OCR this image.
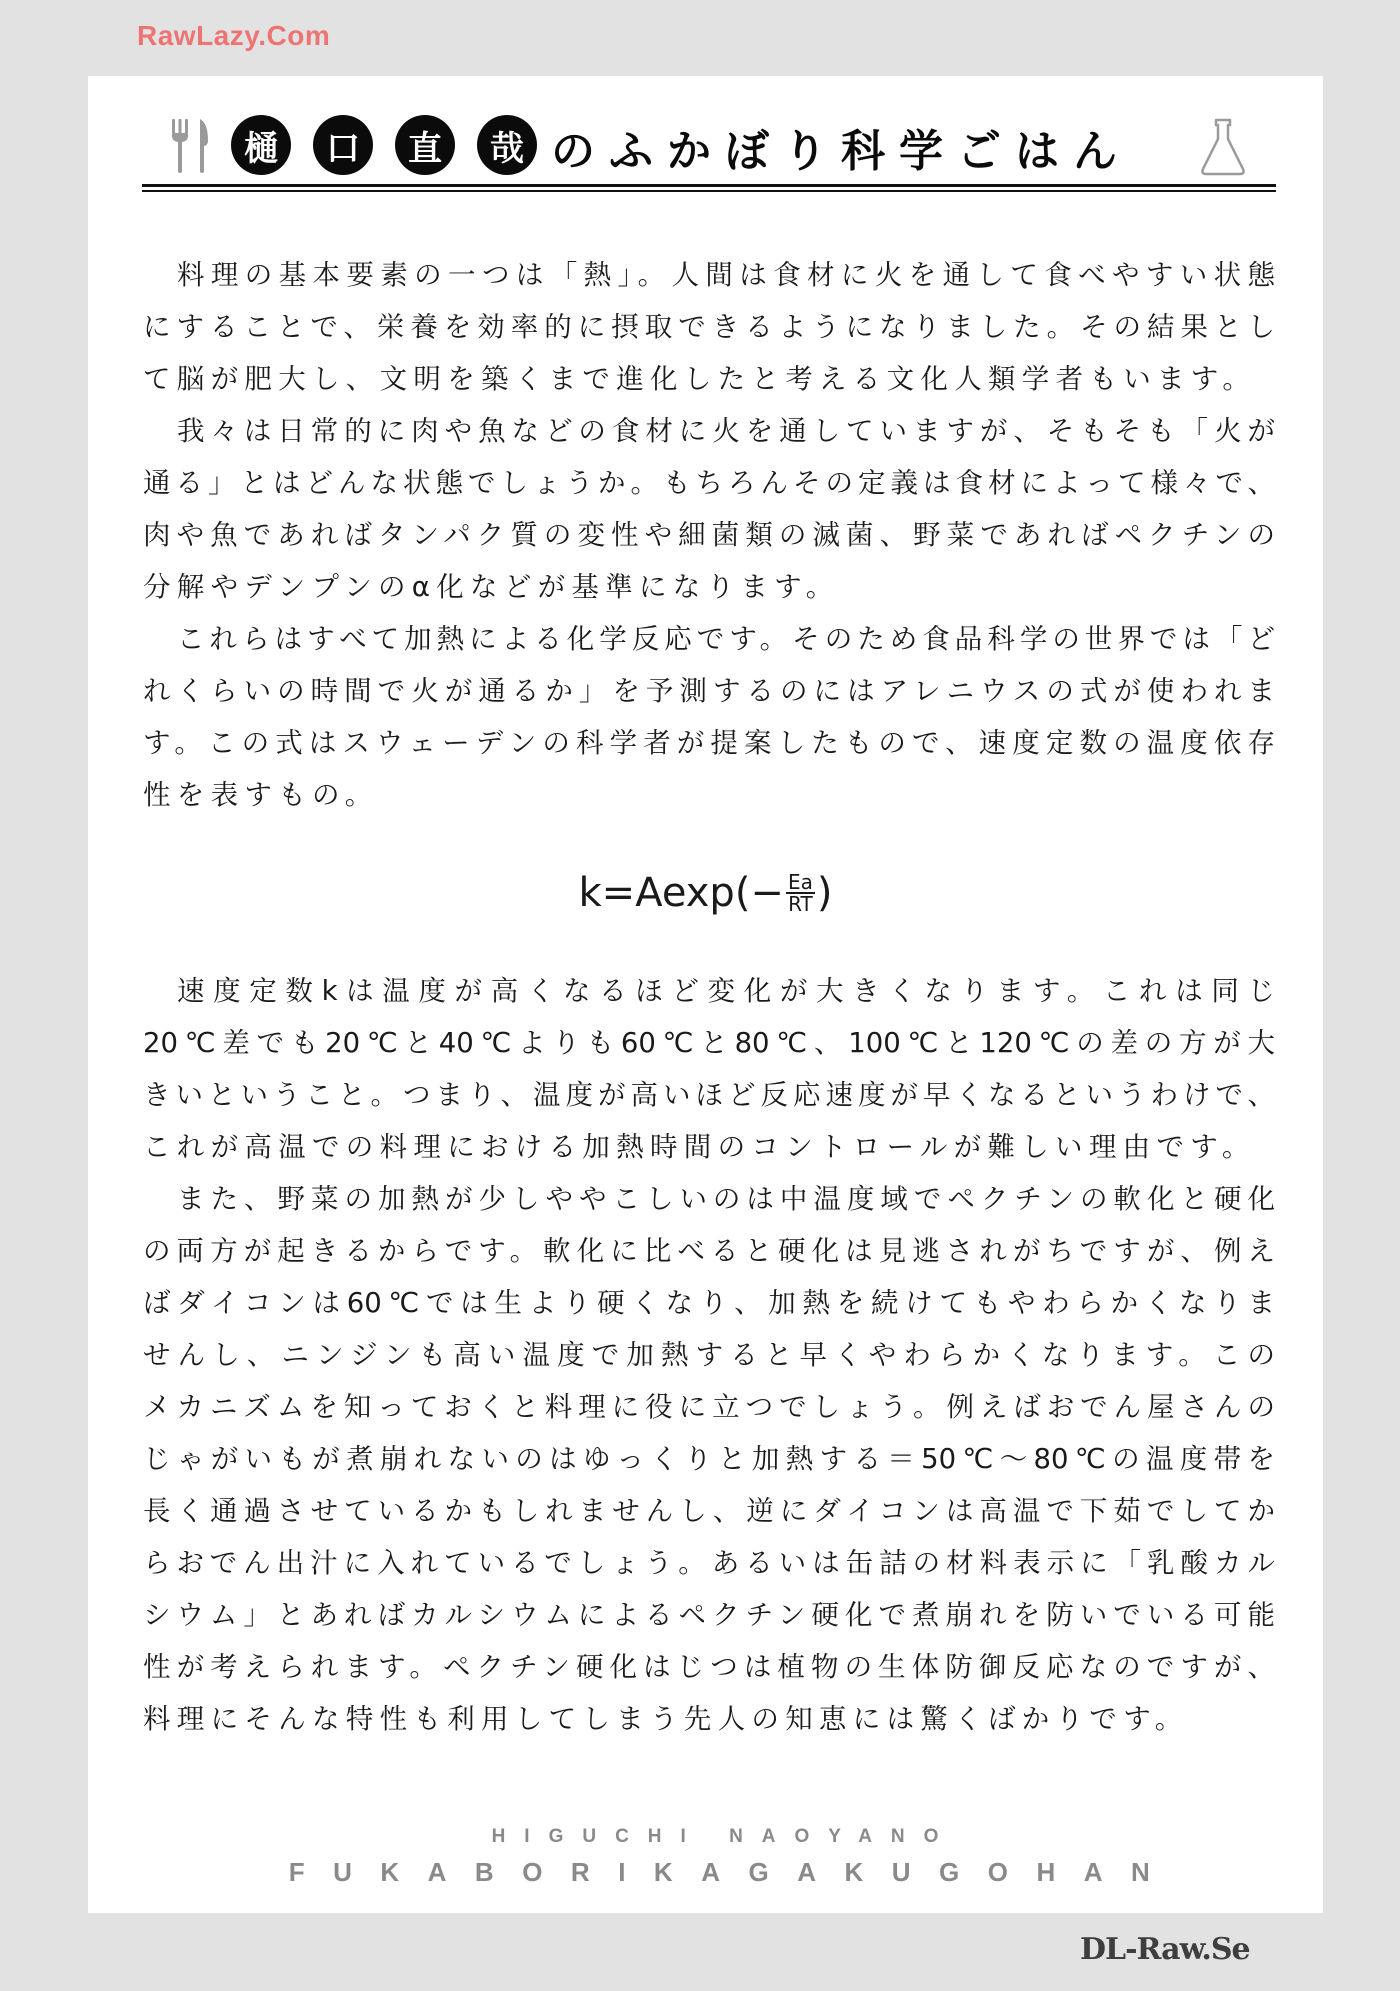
RawLazy.Com
樋	口	直	哉 のふかぼり科学ごはん
料理の基本要素の一つは「熱」。人間は食材に火を通して食べやすい状態
にすることで、栄養を効率的に摂取できるようになりました。その結果とし
て脳が肥大し、文明を築くまで進化したと考える文化人類学者もいます。
我々は日常的に肉や魚などの食材に火を通していますが、そもそも「火が
通る」とはどんな状態でしょうか。もちろんその定義は食材によって様々で、
肉や魚であればタンパク質の変性や細菌類の滅菌、野菜であればペクチンの
分解やデンプンのα化などが基準になります。
これらはすべて加熱による化学反応です。そのため食品科学の世界では「ど
れくらいの時間で火が通るか」を予測するのにはアレニウスの式が使われま
す。この式はスウェーデンの科学者が提案したもので、速度定数の温度依存
性を表すもの。
$k=Aexp(- \frac{Ea}{RT}$ )
速度定数kは温度が高くなるほど変化が大きくなります。これは同じ
20℃差でも20℃と40℃よりも60℃と80℃、100℃と120℃の差の方が大
きいということ。つまり、温度が高いほど反応速度が早くなるというわけで、
これが高温での料理における加熱時間のコントロールが難しい理由です。
また、野菜の加熱が少しややこしいのは中温度域でペクチンの軟化と硬化
の両方が起きるからです。軟化に比べると硬化は見逃されがちですが、例え
ばダイコンは60℃では生より硬くなり、加熱を続けてもやわらかくなりま
せんし、ニンジンも高い温度で加熱すると早くやわらかくなります。この
メカニズムを知っておくと料理に役に立つでしょう。例えばおでん屋さんの
じゃがいもが煮崩れないのはゆっくりと加熱する＝50℃〜80℃の温度帯を
長く通過させているかもしれませんし、逆にダイコンは高温で下茹でしてか
らおでん出汁に入れているでしょう。あるいは缶詰の材料表示に「乳酸カル
シウム」とあればカルシウムによるペクチン硬化で煮崩れを防いでいる可能
性が考えられます。ペクチン硬化はじつは植物の生体防御反応なのですが、
料理にそんな特性も利用してしまう先人の知恵には驚くばかりです。
HIGUCHI NAOYANO
FUKABORIKAGAKUGOHAN
DL-Raw.Se
